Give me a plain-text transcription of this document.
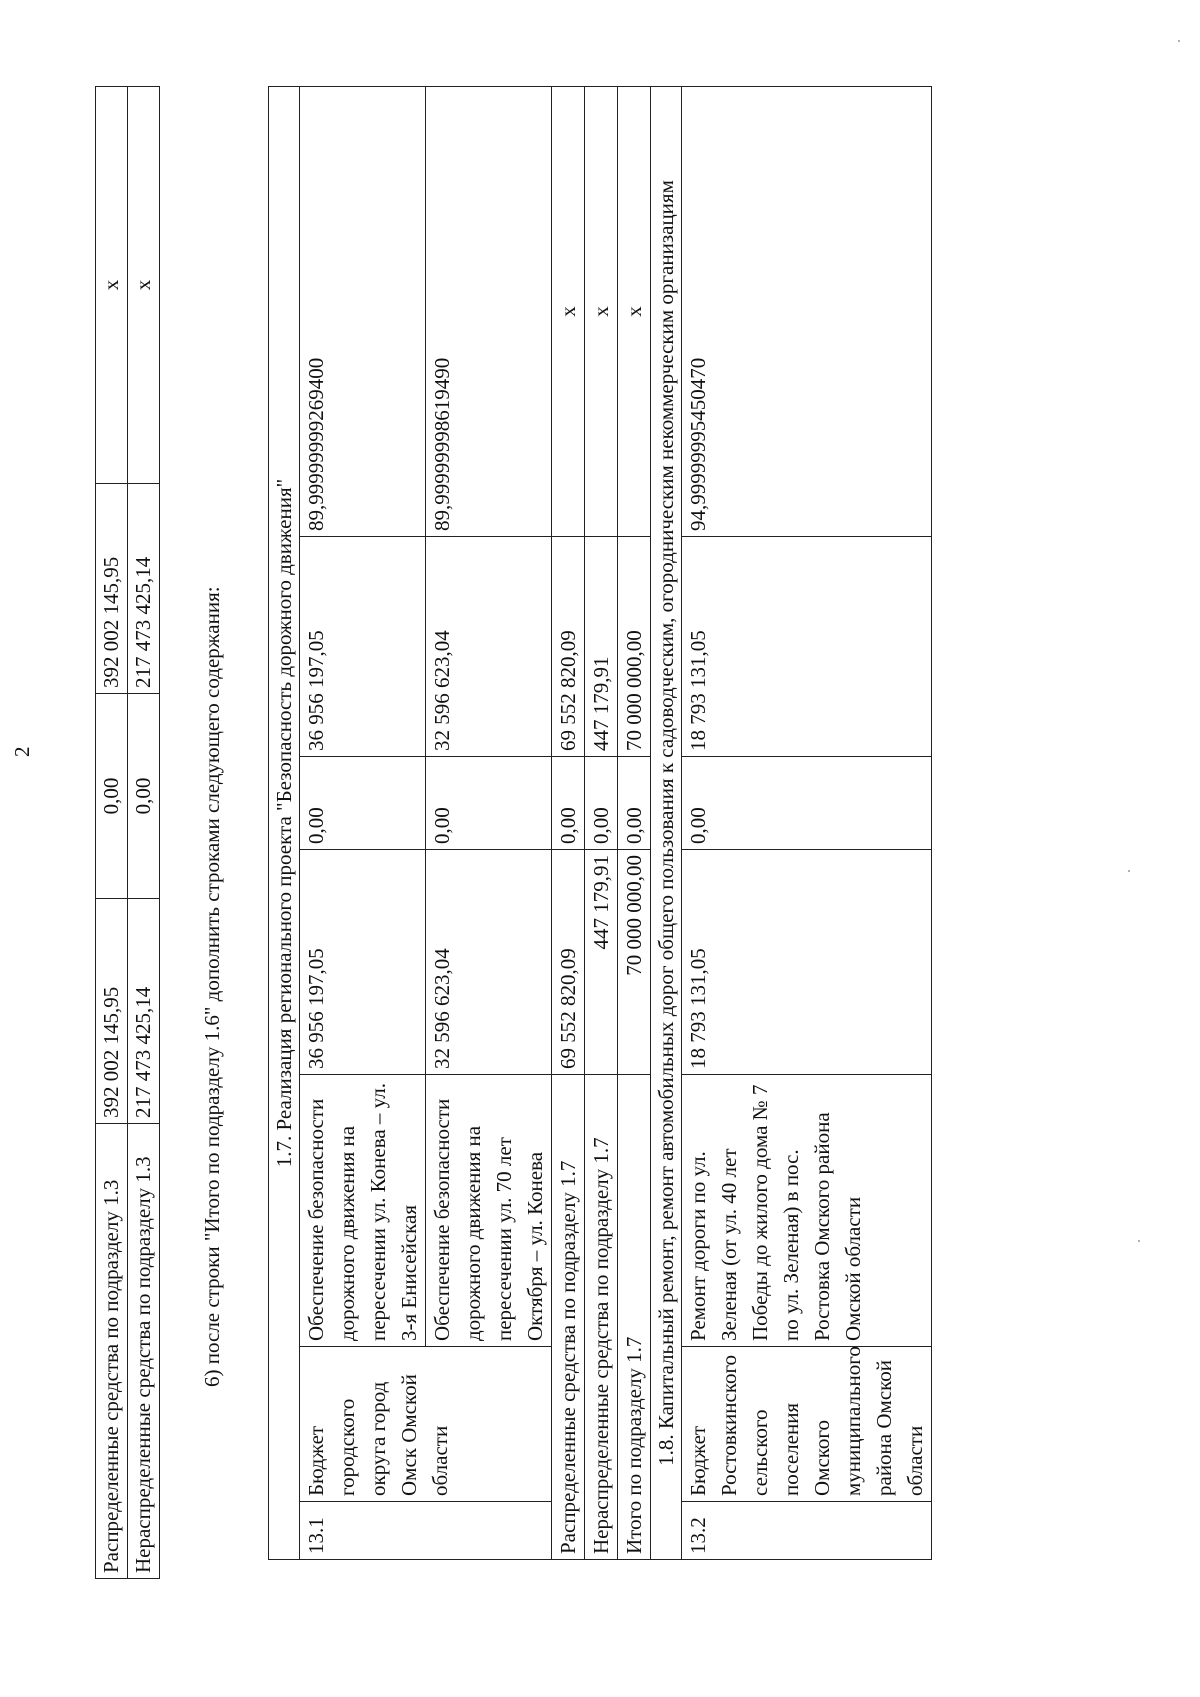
2
Распределенные средства по подразделу 1.3	392 002 145,95	0,00	392 002 145,95	x
Нераспределенные средства по подразделу 1.3	217 473 425,14	0,00	217 473 425,14	x
6) после строки "Итого по подразделу 1.6" дополнить строками следующего содержания: 1.7. Реализация регионального проекта "Безопасность дорожного движения"						
13.1	Бюджет городского округа город Омск Омской области	Обеспечение безопасности дорожного движения на пересечении ул. Конева – ул. 3-я Енисейская	36 956 197,05	0,00	36 956 197,05	89,99999999269400
		Обеспечение безопасности дорожного движения на пересечении ул. 70 лет Октября – ул. Конева	32 596 623,04	0,00	32 596 623,04	89,99999998619490
Распределенные средства по подразделу 1.7			69 552 820,09	0,00	69 552 820,09	x
Нераспределенные средства по подразделу 1.7			447 179,91	0,00	447 179,91	x
Итого по подразделу 1.7			70 000 000,00	0,00	70 000 000,00	x
1.8. Капитальный ремонт, ремонт автомобильных дорог общего пользования к садоводческим, огородническим некоммерческим организациям						
13.2	Бюджет Ростовкинского сельского поселения Омского муниципального района Омской области	Ремонт дороги по ул. Зеленая (от ул. 40 лет Победы до жилого дома № 7 по ул. Зеленая) в пос. Ростовка Омского района Омской области	18 793 131,05	0,00	18 793 131,05	94,99999995450470
